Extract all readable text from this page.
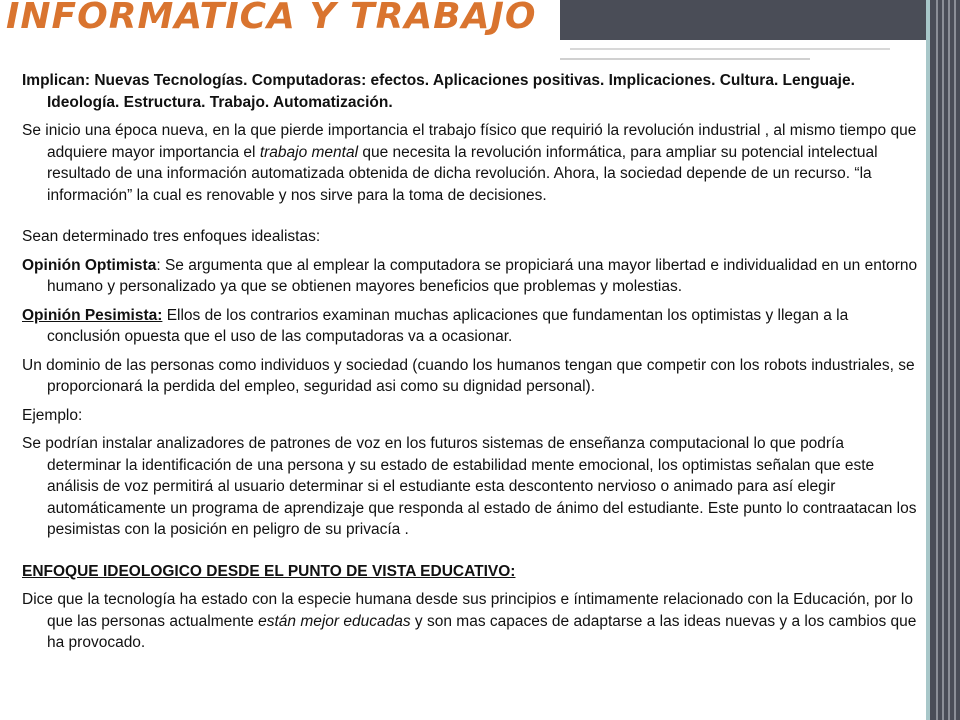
INFORMATICA Y TRABAJO

Implican: Nuevas Tecnologías. Computadoras: efectos. Aplicaciones positivas. Implicaciones. Cultura. Lenguaje. Ideología. Estructura. Trabajo. Automatización.

Se inicio una época nueva, en la que pierde importancia el trabajo físico que requirió la revolución industrial , al mismo tiempo que adquiere mayor importancia el trabajo mental que necesita la revolución informática, para ampliar su potencial intelectual resultado de una información automatizada obtenida de dicha revolución. Ahora, la sociedad depende de un recurso. “la información” la cual es renovable y nos sirve para la toma de decisiones.

Sean determinado tres enfoques idealistas:

Opinión Optimista: Se argumenta que al emplear la computadora se propiciará una mayor libertad e individualidad en un entorno humano y personalizado ya que se obtienen mayores beneficios que problemas y molestias.

Opinión Pesimista: Ellos de los contrarios examinan muchas aplicaciones que fundamentan los optimistas y llegan a la conclusión opuesta que el uso de las computadoras va a ocasionar.

Un dominio de las personas como individuos y sociedad (cuando los humanos tengan que competir con los robots industriales, se proporcionará la perdida del empleo, seguridad asi como su dignidad personal).

Ejemplo:

Se podrían instalar analizadores de patrones de voz en los futuros sistemas de enseñanza computacional lo que podría determinar la identificación de una persona y su estado de estabilidad mente emocional, los optimistas señalan que este análisis de voz permitirá al usuario determinar si el estudiante esta descontento nervioso o animado para así elegir automáticamente un programa de aprendizaje que responda al estado de ánimo del estudiante. Este punto lo contraatacan los pesimistas con la posición en peligro de su privacía .

ENFOQUE IDEOLOGICO DESDE EL PUNTO DE VISTA EDUCATIVO:

Dice que la tecnología ha estado con la especie humana desde sus principios e íntimamente relacionado con la Educación, por lo que las personas actualmente están mejor educadas y son mas capaces de adaptarse a las ideas nuevas y a los cambios que ha provocado.
